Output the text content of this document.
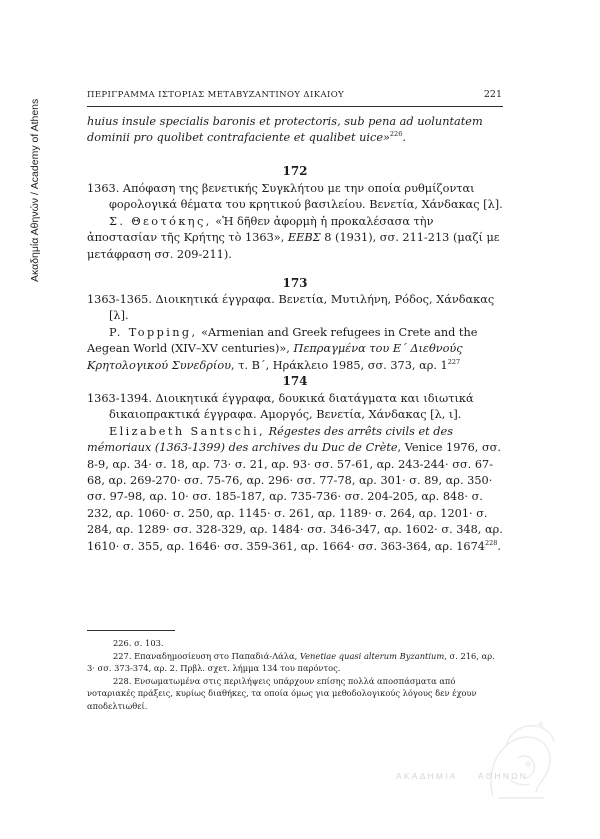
Ακαδημία Αθηνών / Academy of Athens
ΠΕΡΙΓΡΑΜΜΑ ΙΣΤΟΡΙΑΣ ΜΕΤΑΒΥΖΑΝΤΙΝΟΥ ΔΙΚΑΙΟΥ	221

huius insule specialis baronis et protectoris, sub pena ad uoluntatem dominii pro quolibet contrafaciente et qualibet uice»$^{226}$.

172

1363. Απόφαση της βενετικής Συγκλήτου με την οποία ρυθμίζονται φορολογικά θέματα του κρητικού βασιλείου. Βενετία, Χάνδακας [λ].

Σ. Θεοτόκης, «Ἡ δῆθεν ἀφορμὴ ἡ προκαλέσασα τὴν ἀποστασίαν τῆς Κρήτης τὸ 1363», ΕΕΒΣ 8 (1931), σσ. 211-213 (μαζί με μετάφραση σσ. 209-211).

173

1363-1365. Διοικητικά έγγραφα. Βενετία, Μυτιλήνη, Ρόδος, Χάνδακας [λ].

P. Topping, «Armenian and Greek refugees in Crete and the Aegean World (XIV–XV centuries)», Πεπραγμένα του Ε΄ Διεθνούς Κρητολογικού Συνεδρίου, τ. Β΄, Ηράκλειο 1985, σσ. 373, αρ. $1^{227}$

174

1363-1394. Διοικητικά έγγραφα, δουκικά διατάγματα και ιδιωτικά δικαιοπρακτικά έγγραφα. Αμοργός, Βενετία, Χάνδακας [λ, ι].

Elizabeth Santschi, Régestes des arrêts civils et des mémoriaux (1363-1399) des archives du Duc de Crète, Venice 1976, σσ. 8-9, αρ. 34· σ. 18, αρ. 73· σ. 21, αρ. 93· σσ. 57-61, αρ. 243-244· σσ. 67-68, αρ. 269-270· σσ. 75-76, αρ. 296· σσ. 77-78, αρ. 301· σ. 89, αρ. 350· σσ. 97-98, αρ. 10· σσ. 185-187, αρ. 735-736· σσ. 204-205, αρ. 848· σ. 232, αρ. 1060· σ. 250, αρ. 1145· σ. 261, αρ. 1189· σ. 264, αρ. 1201· σ. 284, αρ. 1289· σσ. 328-329, αρ. 1484· σσ. 346-347, αρ. 1602· σ. 348, αρ. 1610· σ. 355, αρ. 1646· σσ. 359-361, αρ. 1664· σσ. 363-364, αρ. 1674$^{228}$.

226. σ. 103.

227. Επαναδημοσίευση στο Παπαδιά-Λάλα, Venetiae quasi alterum Byzantium, σ. 216, αρ. 3· σσ. 373-374, αρ. 2. Πρβλ. σχετ. λήμμα 134 του παρόντος.

228. Ενσωματωμένα στις περιλήψεις υπάρχουν επίσης πολλά αποσπάσματα από νοταριακές πράξεις, κυρίως διαθήκες, τα οποία όμως για μεθοδολογικούς λόγους δεν έχουν αποδελτιωθεί.

ΑΚΑΔΗΜΙΑ ΑΘΗΝΩΝ
